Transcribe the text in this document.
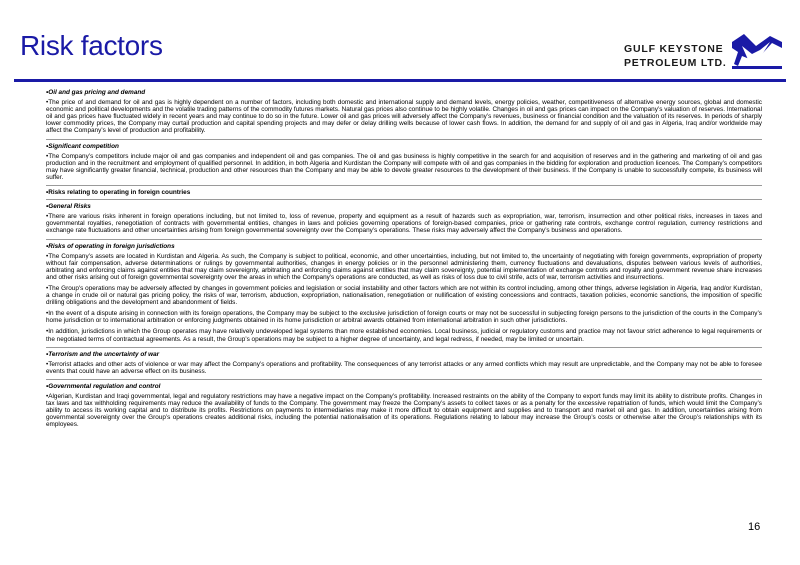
Risk factors	GULF KEYSTONE
PETROLEUM LTD.
•Oil and gas pricing and demand
•The price of and demand for oil and gas is highly dependent on a number of factors, including both domestic and international supply and demand levels, energy policies, weather, competitiveness of alternative energy sources, global and domestic economic and political developments and the volatile trading patterns of the commodity futures markets. Natural gas prices also continue to be highly volatile. Changes in oil and gas prices can impact on the Company’s valuation of reserves. International oil and gas prices have fluctuated widely in recent years and may continue to do so in the future. Lower oil and gas prices will adversely affect the Company’s revenues, business or financial condition and the valuation of its reserves. In periods of sharply lower commodity prices, the Company may curtail production and capital spending projects and may defer or delay drilling wells because of lower cash flows. In addition, the demand for and supply of oil and gas in Algeria, Iraq and/or worldwide may affect the Company’s level of production and profitability.
•Significant competition
•The Company’s competitors include major oil and gas companies and independent oil and gas companies. The oil and gas business is highly competitive in the search for and acquisition of reserves and in the gathering and marketing of oil and gas production and in the recruitment and employment of qualified personnel. In addition, in both Algeria and Kurdistan the Company will compete with oil and gas companies in the bidding for exploration and production licences. The Company’s competitors may have significantly greater financial, technical, production and other resources than the Company and may be able to devote greater resources to the development of their business. If the Company is unable to successfully compete, its business will suffer.
•Risks relating to operating in foreign countries
•General Risks
•There are various risks inherent in foreign operations including, but not limited to, loss of revenue, property and equipment as a result of hazards such as expropriation, war, terrorism, insurrection and other political risks, increases in taxes and governmental royalties, renegotiation of contracts with governmental entities, changes in laws and policies governing operations of foreign-based companies, price or gathering rate controls, exchange control regulation, currency restrictions and exchange rate fluctuations and other uncertainties arising from foreign governmental sovereignty over the Company’s operations. These risks may adversely affect the Company’s business and operations.
•Risks of operating in foreign jurisdictions
•The Company’s assets are located in Kurdistan and Algeria. As such, the Company is subject to political, economic, and other uncertainties, including, but not limited to, the uncertainty of negotiating with foreign governments, expropriation of property without fair compensation, adverse determinations or rulings by governmental authorities, changes in energy policies or in the personnel administering them, currency fluctuations and devaluations, disputes between various levels of authorities, arbitrating and enforcing claims against entities that may claim sovereignty, arbitrating and enforcing claims against entities that may claim sovereignty, potential implementation of exchange controls and royalty and government revenue share increases and other risks arising out of foreign governmental sovereignty over the areas in which the Company's operations are conducted, as well as risks of loss due to civil strife, acts of war, terrorism activities and insurrections.
•The Group's operations may be adversely affected by changes in government policies and legislation or social instability and other factors which are not within its control including, among other things, adverse legislation in Algeria, Iraq and/or Kurdistan, a change in crude oil or natural gas pricing policy, the risks of war, terrorism, abduction, expropriation, nationalisation, renegotiation or nullification of existing concessions and contracts, taxation policies, economic sanctions, the imposition of specific drilling obligations and the development and abandonment of fields.
•In the event of a dispute arising in connection with its foreign operations, the Company may be subject to the exclusive jurisdiction of foreign courts or may not be successful in subjecting foreign persons to the jurisdiction of the courts in the Company’s home jurisdiction or to international arbitration or enforcing judgments obtained in its home jurisdiction or arbitral awards obtained from international arbitration in such other jurisdictions.
•In addition, jurisdictions in which the Group operates may have relatively undeveloped legal systems than more established economies. Local business, judicial or regulatory customs and practice may not favour strict adherence to legal requirements or the negotiated terms of contractual agreements. As a result, the Group’s operations may be subject to a higher degree of uncertainty, and legal redress, if needed, may be limited or uncertain.
•Terrorism and the uncertainty of war
•Terrorist attacks and other acts of violence or war may affect the Company’s operations and profitability. The consequences of any terrorist attacks or any armed conflicts which may result are unpredictable, and the Company may not be able to foresee events that could have an adverse effect on its business.
•Governmental regulation and control
•Algerian, Kurdistan and Iraqi governmental, legal and regulatory restrictions may have a negative impact on the Company’s profitability. Increased restraints on the ability of the Company to export funds may limit its ability to distribute profits. Changes in tax laws and tax withholding requirements may reduce the availability of funds to the Company. The government may freeze the Company’s assets to collect taxes or as a penalty for the excessive repatriation of funds, which would limit the Company’s ability to access its working capital and to distribute its profits. Restrictions on payments to intermediaries may make it more difficult to obtain equipment and supplies and to transport and market oil and gas. In addition, uncertainties arising from governmental sovereignty over the Group’s operations creates additional risks, including the potential nationalisation of its operations. Regulations relating to labour may increase the Group’s costs or otherwise alter the Group’s relationships with its employees.
16
